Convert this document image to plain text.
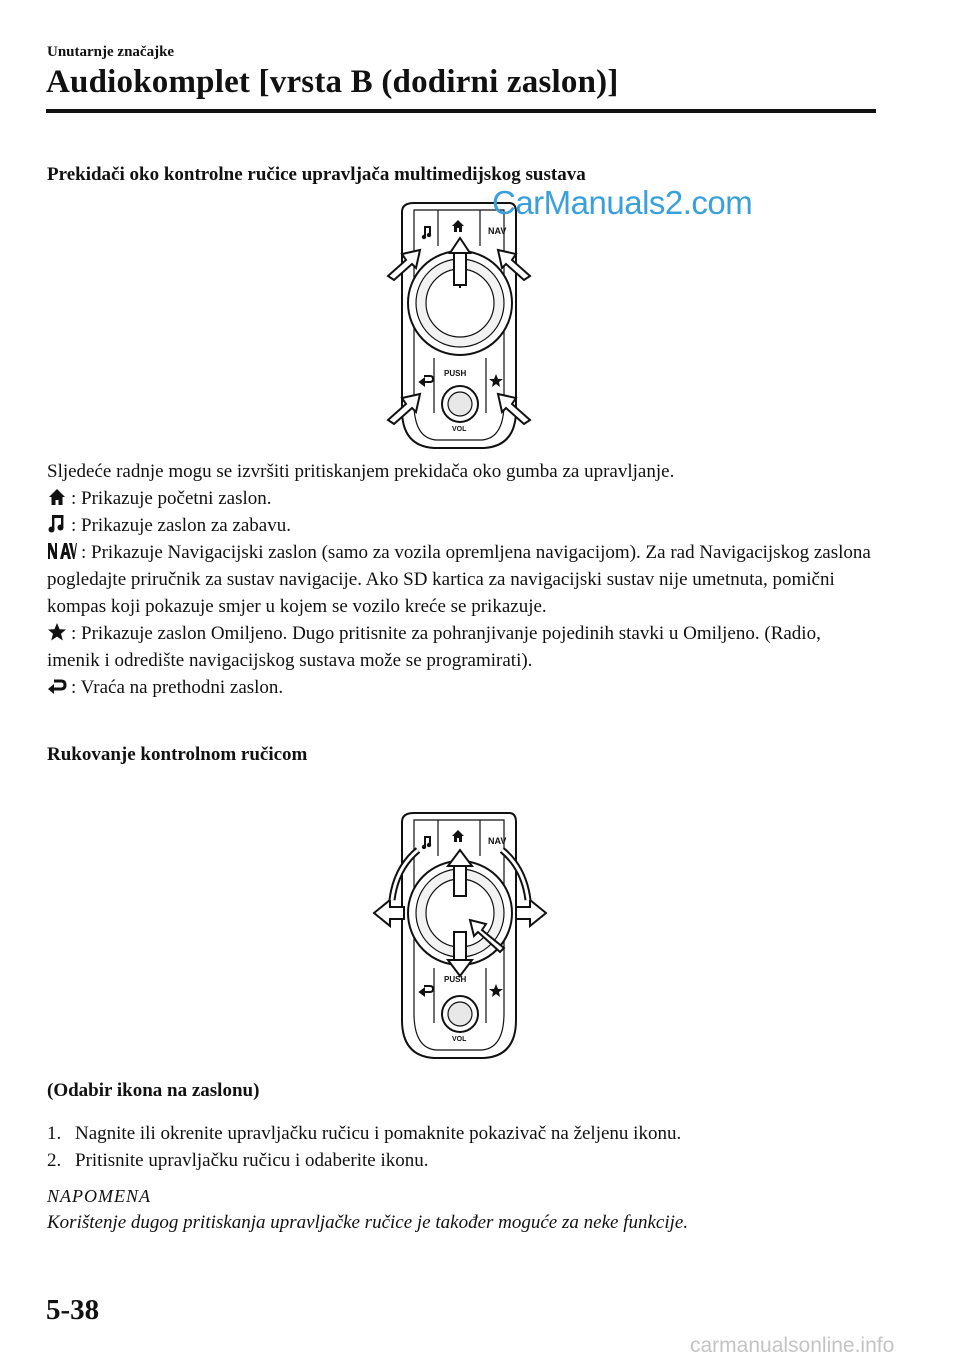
Unutarnje značajke
Audiokomplet [vrsta B (dodirni zaslon)]
Prekidači oko kontrolne ručice upravljača multimedijskog sustava
NAV
PUSH
VOL
CarManuals2.com

Sljedeće radnje mogu se izvršiti pritiskanjem prekidača oko gumba za upravljanje.

: Prikazuje početni zaslon.

: Prikazuje zaslon za zabavu.

: Prikazuje Navigacijski zaslon (samo za vozila opremljena navigacijom). Za rad Navigacijskog zaslona pogledajte priručnik za sustav navigacije. Ako SD kartica za navigacijski sustav nije umetnuta, pomični kompas koji pokazuje smjer u kojem se vozilo kreće se prikazuje.

: Prikazuje zaslon Omiljeno. Dugo pritisnite za pohranjivanje pojedinih stavki u Omiljeno. (Radio, imenik i odredište navigacijskog sustava može se programirati).

: Vraća na prethodni zaslon.

Rukovanje kontrolnom ručicom
NAV
PUSH
VOL
(Odabir ikona na zaslonu)
1. Nagnite ili okrenite upravljačku ručicu i pomaknite pokazivač na željenu ikonu.
2. Pritisnite upravljačku ručicu i odaberite ikonu.
NAPOMENA
Korištenje dugog pritiskanja upravljačke ručice je također moguće za neke funkcije.
5-38
carmanualsonline.info
